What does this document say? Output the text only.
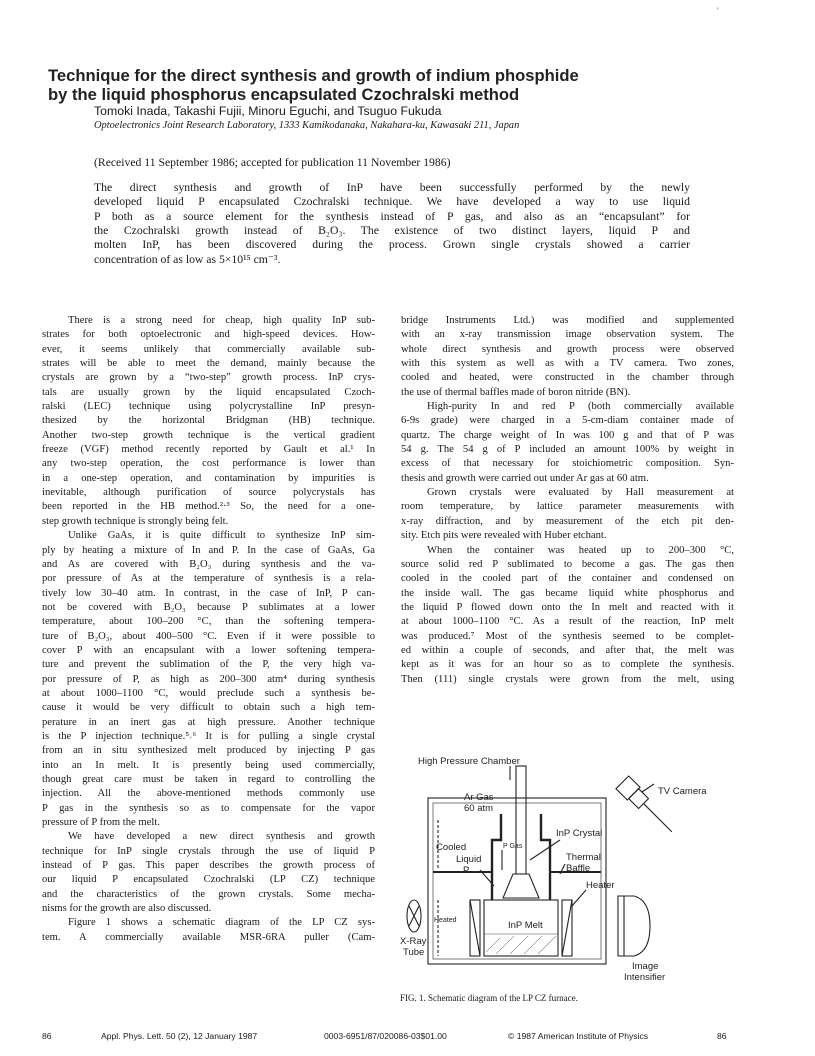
'
Technique for the direct synthesis and growth of indium phosphide
by the liquid phosphorus encapsulated Czochralski method
Tomoki Inada, Takashi Fujii, Minoru Eguchi, and Tsuguo Fukuda
Optoelectronics Joint Research Laboratory, 1333 Kamikodanaka, Nakahara-ku, Kawasaki 211, Japan
(Received 11 September 1986; accepted for publication 11 November 1986)
The direct synthesis and growth of InP have been successfully performed by the newly
developed liquid P encapsulated Czochralski technique. We have developed a way to use liquid
P both as a source element for the synthesis instead of P gas, and also as an “encapsulant” for
the Czochralski growth instead of B₂O₃. The existence of two distinct layers, liquid P and
molten InP, has been discovered during the process. Grown single crystals showed a carrier
concentration of as low as 5×10¹⁵ cm⁻³.
There is a strong need for cheap, high quality InP sub-
strates for both optoelectronic and high-speed devices. How-
ever, it seems unlikely that commercially available sub-
strates will be able to meet the demand, mainly because the
crystals are grown by a “two-step” growth process. InP crys-
tals are usually grown by the liquid encapsulated Czoch-
ralski (LEC) technique using polycrystalline InP presyn-
thesized by the horizontal Bridgman (HB) technique.
Another two-step growth technique is the vertical gradient
freeze (VGF) method recently reported by Gault et al.¹ In
any two-step operation, the cost performance is lower than
in a one-step operation, and contamination by impurities is
inevitable, although purification of source polycrystals has
been reported in the HB method.²·³ So, the need for a one-
step growth technique is strongly being felt.
Unlike GaAs, it is quite difficult to synthesize InP sim-
ply by heating a mixture of In and P. In the case of GaAs, Ga
and As are covered with B₂O₃ during synthesis and the va-
por pressure of As at the temperature of synthesis is a rela-
tively low 30–40 atm. In contrast, in the case of InP, P can-
not be covered with B₂O₃ because P sublimates at a lower
temperature, about 100–200 °C, than the softening tempera-
ture of B₂O₃, about 400–500 °C. Even if it were possible to
cover P with an encapsulant with a lower softening tempera-
ture and prevent the sublimation of the P, the very high va-
por pressure of P, as high as 200–300 atm⁴ during synthesis
at about 1000–1100 °C, would preclude such a synthesis be-
cause it would be very difficult to obtain such a high tem-
perature in an inert gas at high pressure. Another technique
is the P injection technique.⁵˒⁶ It is for pulling a single crystal
from an in situ synthesized melt produced by injecting P gas
into an In melt. It is presently being used commercially,
though great care must be taken in regard to controlling the
injection. All the above-mentioned methods commonly use
P gas in the synthesis so as to compensate for the vapor
pressure of P from the melt.
We have developed a new direct synthesis and growth
technique for InP single crystals through the use of liquid P
instead of P gas. This paper describes the growth process of
our liquid P encapsulated Czochralski (LP CZ) technique
and the characteristics of the grown crystals. Some mecha-
nisms for the growth are also discussed.
Figure 1 shows a schematic diagram of the LP CZ sys-
tem. A commercially available MSR-6RA puller (Cam-
bridge Instruments Ltd.) was modified and supplemented
with an x-ray transmission image observation system. The
whole direct synthesis and growth process were observed
with this system as well as with a TV camera. Two zones,
cooled and heated, were constructed in the chamber through
the use of thermal baffles made of boron nitride (BN).
High-purity In and red P (both commercially available
6-9s grade) were charged in a 5-cm-diam container made of
quartz. The charge weight of In was 100 g and that of P was
54 g. The 54 g of P included an amount 100% by weight in
excess of that necessary for stoichiometric composition. Syn-
thesis and growth were carried out under Ar gas at 60 atm.
Grown crystals were evaluated by Hall measurement at
room temperature, by lattice parameter measurements with
x-ray diffraction, and by measurement of the etch pit den-
sity. Etch pits were revealed with Huber etchant.
When the container was heated up to 200–300 °C,
source solid red P sublimated to become a gas. The gas then
cooled in the cooled part of the container and condensed on
the inside wall. The gas became liquid white phosphorus and
the liquid P flowed down onto the In melt and reacted with it
at about 1000–1100 °C. As a result of the reaction, InP melt
was produced.⁷ Most of the synthesis seemed to be complet-
ed within a couple of seconds, and after that, the melt was
kept as it was for an hour so as to complete the synthesis.
Then (111) single crystals were grown from the melt, using
High Pressure Chamber
TV Camera
Ar Gas
60 atm
InP Crystal
Cooled
Thermal
Baffle
Liquid
P
P Gas
Heater
Heated	InP Melt
X-Ray
Tube
Image
Intensifier
FIG. 1. Schematic diagram of the LP CZ furnace.
86	Appl. Phys. Lett. 50 (2), 12 January 1987	0003-6951/87/020086-03$01.00	© 1987 American Institute of Physics	86
